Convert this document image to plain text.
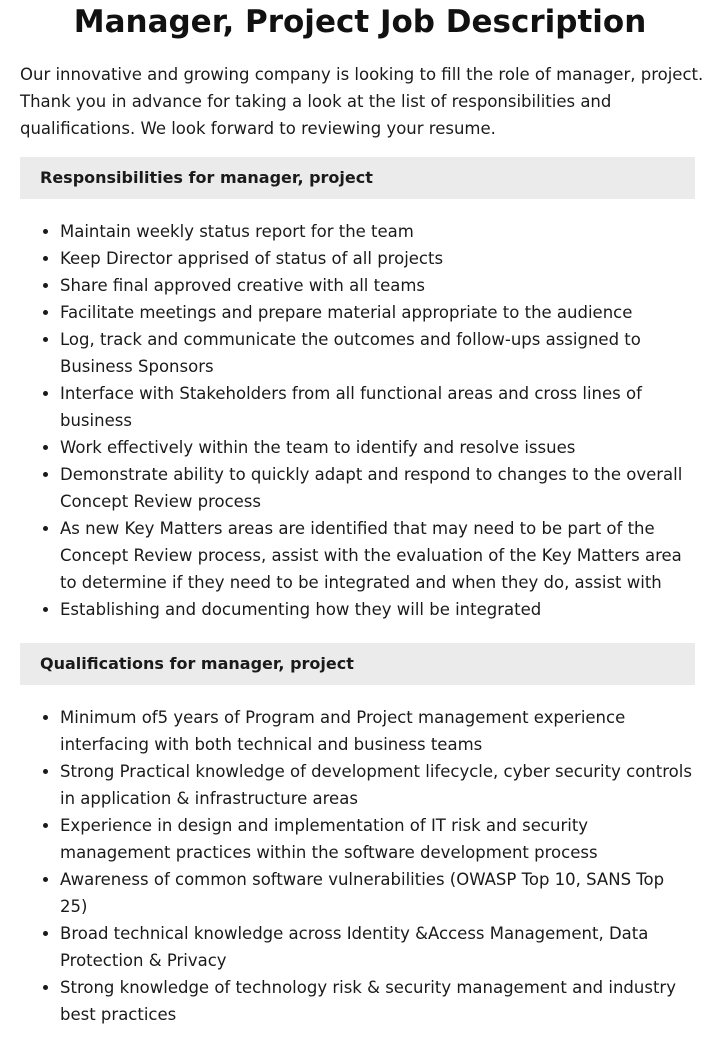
Manager, Project Job Description

Our innovative and growing company is looking to fill the role of manager, project. Thank you in advance for taking a look at the list of responsibilities and qualifications. We look forward to reviewing your resume.

Responsibilities for manager, project
• Maintain weekly status report for the team
• Keep Director apprised of status of all projects
• Share final approved creative with all teams
• Facilitate meetings and prepare material appropriate to the audience
• Log, track and communicate the outcomes and follow-ups assigned to Business Sponsors
• Interface with Stakeholders from all functional areas and cross lines of business
• Work effectively within the team to identify and resolve issues
• Demonstrate ability to quickly adapt and respond to changes to the overall Concept Review process
• As new Key Matters areas are identified that may need to be part of the Concept Review process, assist with the evaluation of the Key Matters area to determine if they need to be integrated and when they do, assist with
• Establishing and documenting how they will be integrated
Qualifications for manager, project
• Minimum of5 years of Program and Project management experience interfacing with both technical and business teams
• Strong Practical knowledge of development lifecycle, cyber security controls in application & infrastructure areas
• Experience in design and implementation of IT risk and security management practices within the software development process
• Awareness of common software vulnerabilities (OWASP Top 10, SANS Top 25)
• Broad technical knowledge across Identity &Access Management, Data Protection & Privacy
• Strong knowledge of technology risk & security management and industry best practices
